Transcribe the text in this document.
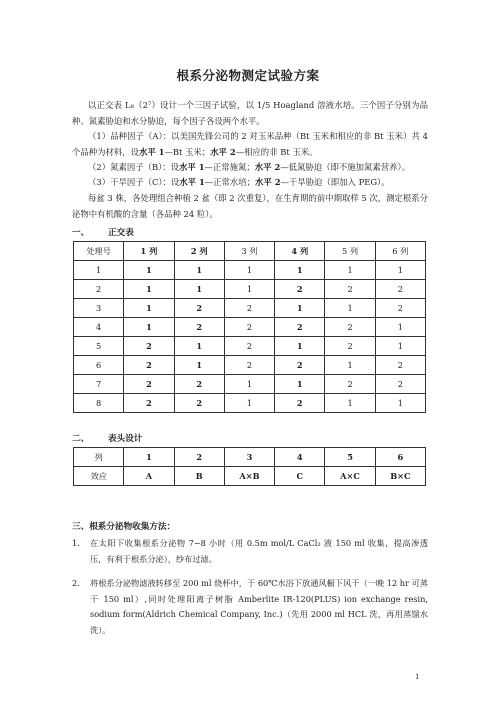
根系分泌物测定试验方案
以正交表 L₈（2⁷）设计一个三因子试验，以 1/5 Hoagland 溶液水培。三个因子分别为品种、氮素胁迫和水分胁迫，每个因子各设两个水平。
（1）品种因子（A）：以美国先锋公司的 2 对玉米品种（Bt 玉米和相应的非 Bt 玉米）共 4 个品种为材料，设水平 1—Bt 玉米；水平 2—相应的非 Bt 玉米。
（2）氮素因子（B）：设水平 1—正常施氮；水平 2—低氮胁迫（即不施加氮素营养）。
（3）干旱因子（C）：设水平 1—正常水培；水平 2—干旱胁迫（即加入 PEG）。
每盆 3 株，各处理组合种植 2 盆（即 2 次重复），在生育期的前中期取样 5 次，测定根系分泌物中有机酸的含量（各品种 24 粒）。
一、 正交表
处理号	1 列	2 列	3 列	4 列	5 列	6 列
1	1	1	1	1	1	1
2	1	1	1	2	2	2
3	1	2	2	1	1	2
4	1	2	2	2	2	1
5	2	1	2	1	2	1
6	2	1	2	2	1	2
7	2	2	1	1	2	2
8	2	2	1	2	1	1
二、 表头设计
列	1	2	3	4	5	6
效应	A	B	A×B	C	A×C	B×C
三、根系分泌物收集方法：
1. 在太阳下收集根系分泌物 7~8 小时（用 0.5m mol/L CaCl₂ 液 150 ml 收集，提高渗透压，有利于根系分泌），纱布过滤。
2. 将根系分泌物滤液转移至 200 ml 烧杯中，于 60℃水浴下放通风橱下风干（一晚 12 hr 可蒸干 150 ml）,同时处理阳离子树脂 Amberlite IR-120(PLUS) ion exchange resin, sodium form(Aldrich Chemical Company, Inc.)（先用 2000 ml HCL 洗，再用蒸馏水洗）。
1
